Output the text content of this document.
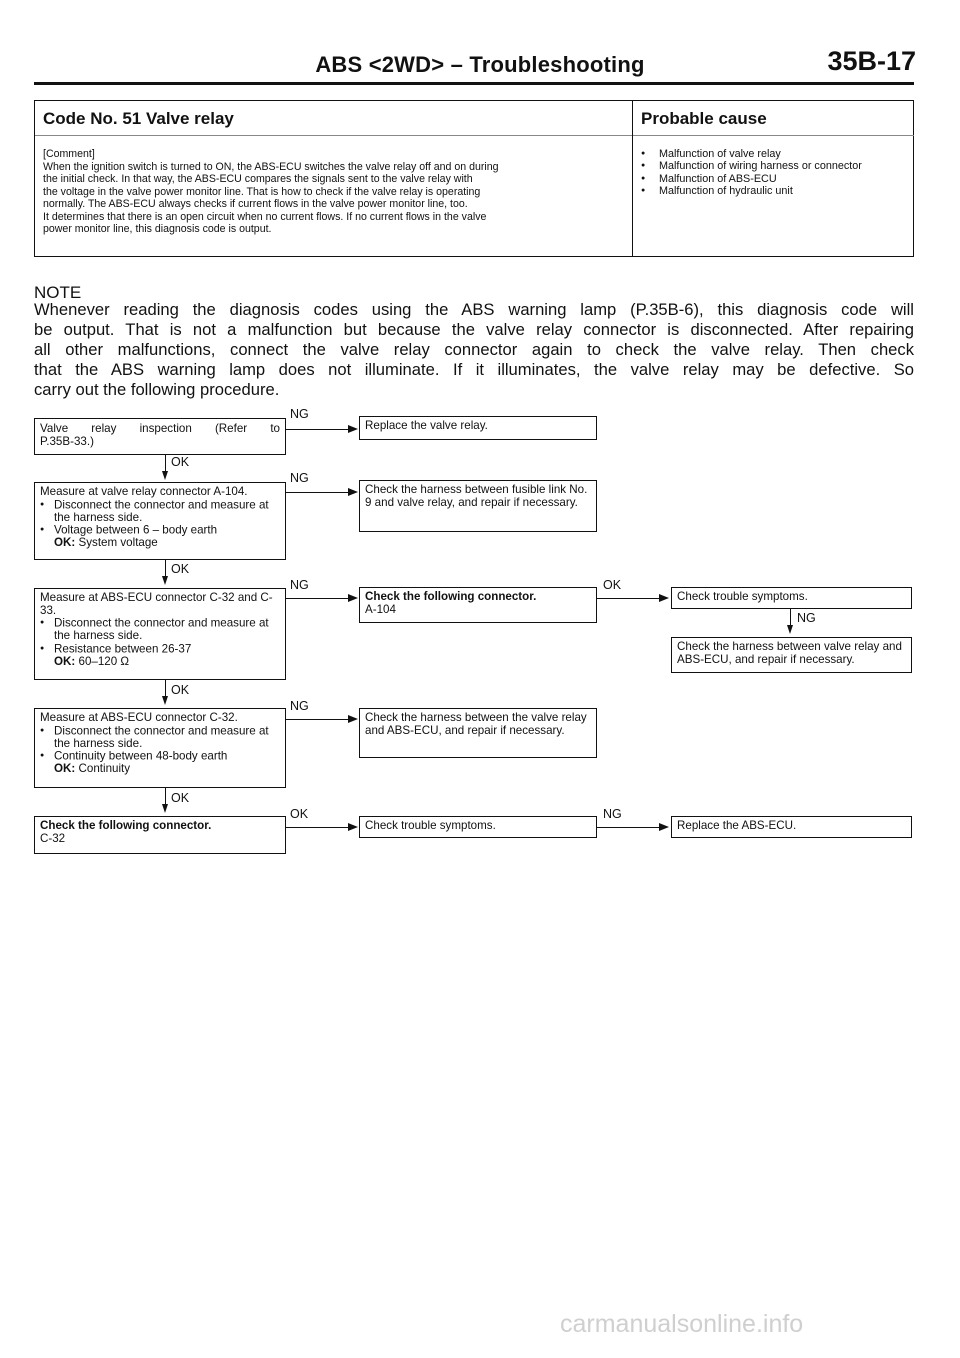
ABS <2WD> – Troubleshooting	35B-17
Code No. 51 Valve relay
[Comment]
When the ignition switch is turned to ON, the ABS-ECU switches the valve relay off and on during
the initial check. In that way, the ABS-ECU compares the signals sent to the valve relay with
the voltage in the valve power monitor line. That is how to check if the valve relay is operating
normally. The ABS-ECU always checks if current flows in the valve power monitor line, too.
It determines that there is an open circuit when no current flows. If no current flows in the valve
power monitor line, this diagnosis code is output.
Probable cause
● Malfunction of valve relay
● Malfunction of wiring harness or connector
● Malfunction of ABS-ECU
● Malfunction of hydraulic unit
NOTE
Whenever reading the diagnosis codes using the ABS warning lamp (P.35B-6), this diagnosis code will
be output. That is not a malfunction but because the valve relay connector is disconnected. After repairing
all other malfunctions, connect the valve relay connector again to check the valve relay. Then check
that the ABS warning lamp does not illuminate. If it illuminates, the valve relay may be defective. So
carry out the following procedure.
Valve relay inspection (Refer to
P.35B-33.)
NG
Replace the valve relay.
OK
Measure at valve relay connector A-104.
● Disconnect the connector and measure at the harness side.
● Voltage between 6 – body earth
OK: System voltage
NG
Check the harness between fusible link No. 9 and valve relay, and repair if necessary.
OK
Measure at ABS-ECU connector C-32 and C-33.
● Disconnect the connector and measure at the harness side.
● Resistance between 26-37
OK: 60–120 Ω
NG
Check the following connector.
A-104
OK
Check trouble symptoms.
NG
Check the harness between valve relay and ABS-ECU, and repair if necessary.
OK
Measure at ABS-ECU connector C-32.
● Disconnect the connector and measure at the harness side.
● Continuity between 48-body earth
OK: Continuity
NG
Check the harness between the valve relay and ABS-ECU, and repair if necessary.
OK
Check the following connector.
C-32
OK
Check trouble symptoms.
NG
Replace the ABS-ECU.
carmanualsonline.info
